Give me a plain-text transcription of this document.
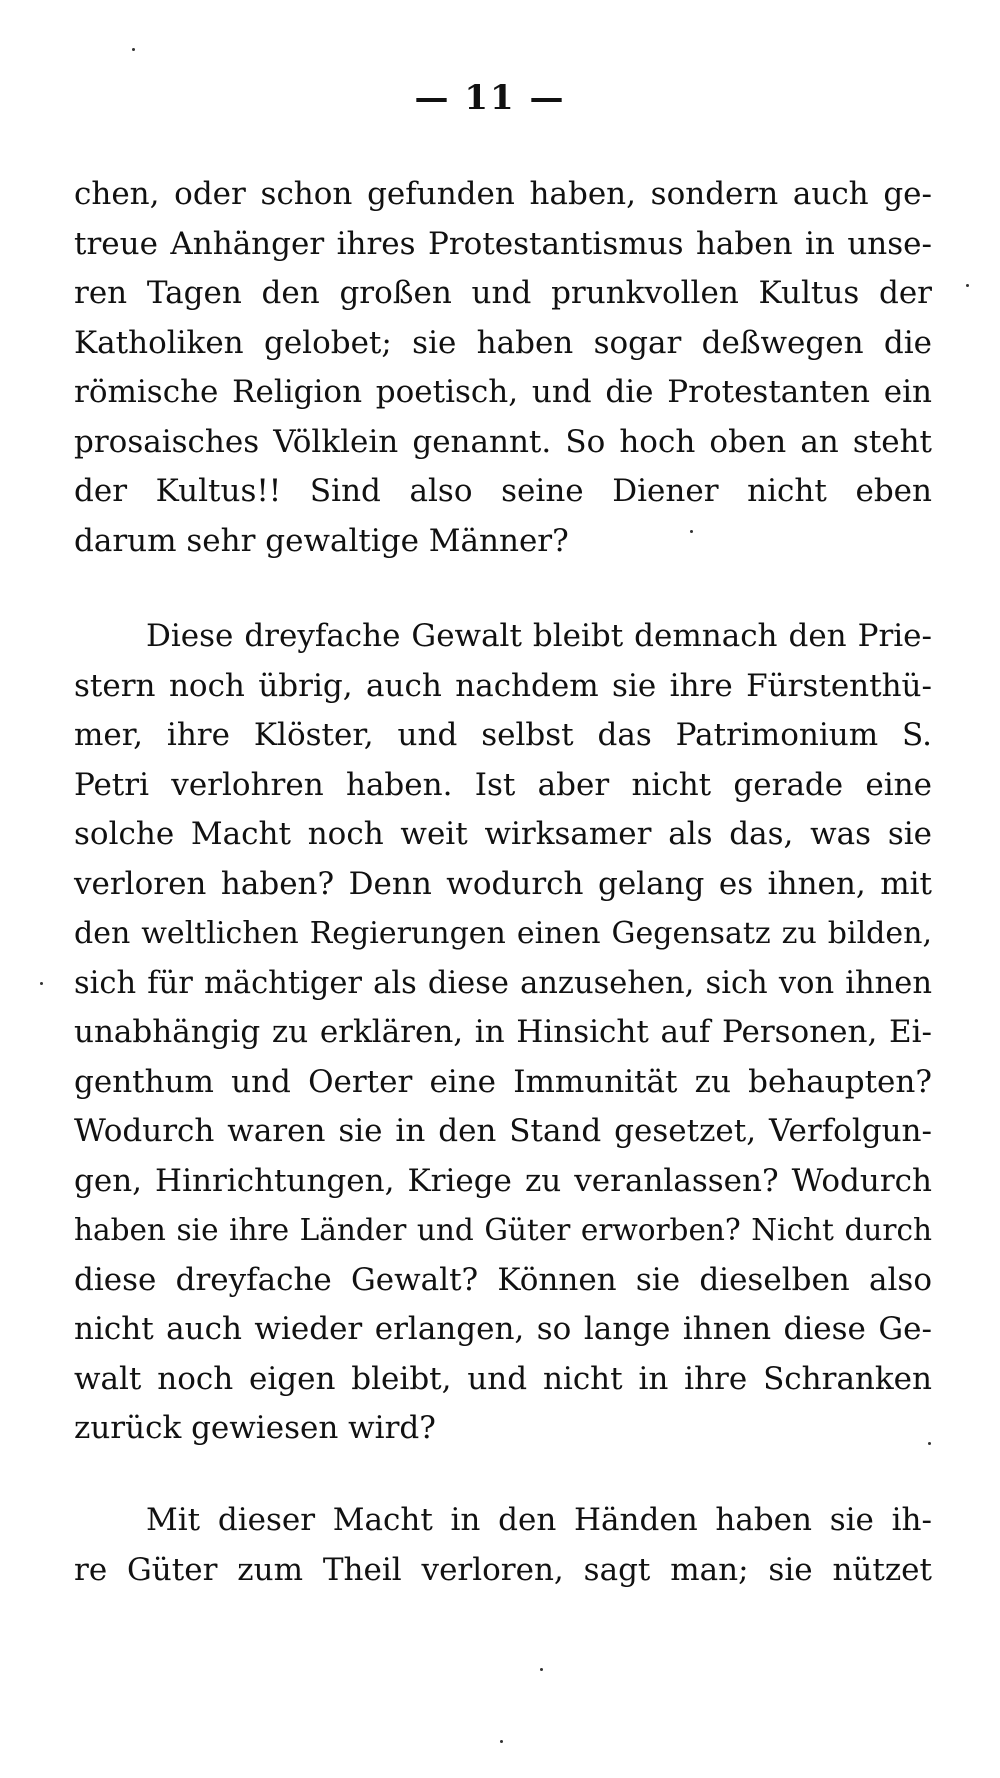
— 11 —
chen, oder schon gefunden haben, sondern auch ge-
treue Anhänger ihres Protestantismus haben in unse-
ren Tagen den großen und prunkvollen Kultus der
Katholiken gelobet; sie haben sogar deßwegen die
römische Religion poetisch, und die Protestanten ein
prosaisches Völklein genannt. So hoch oben an steht
der Kultus!! Sind also seine Diener nicht eben
darum sehr gewaltige Männer?
Diese dreyfache Gewalt bleibt demnach den Prie-
stern noch übrig, auch nachdem sie ihre Fürstenthü-
mer, ihre Klöster, und selbst das Patrimonium S.
Petri verlohren haben. Ist aber nicht gerade eine
solche Macht noch weit wirksamer als das, was sie
verloren haben? Denn wodurch gelang es ihnen, mit
den weltlichen Regierungen einen Gegensatz zu bilden,
sich für mächtiger als diese anzusehen, sich von ihnen
unabhängig zu erklären, in Hinsicht auf Personen, Ei-
genthum und Oerter eine Immunität zu behaupten?
Wodurch waren sie in den Stand gesetzet, Verfolgun-
gen, Hinrichtungen, Kriege zu veranlassen? Wodurch
haben sie ihre Länder und Güter erworben? Nicht durch
diese dreyfache Gewalt? Können sie dieselben also
nicht auch wieder erlangen, so lange ihnen diese Ge-
walt noch eigen bleibt, und nicht in ihre Schranken
zurück gewiesen wird?
Mit dieser Macht in den Händen haben sie ih-
re Güter zum Theil verloren, sagt man; sie nützet
